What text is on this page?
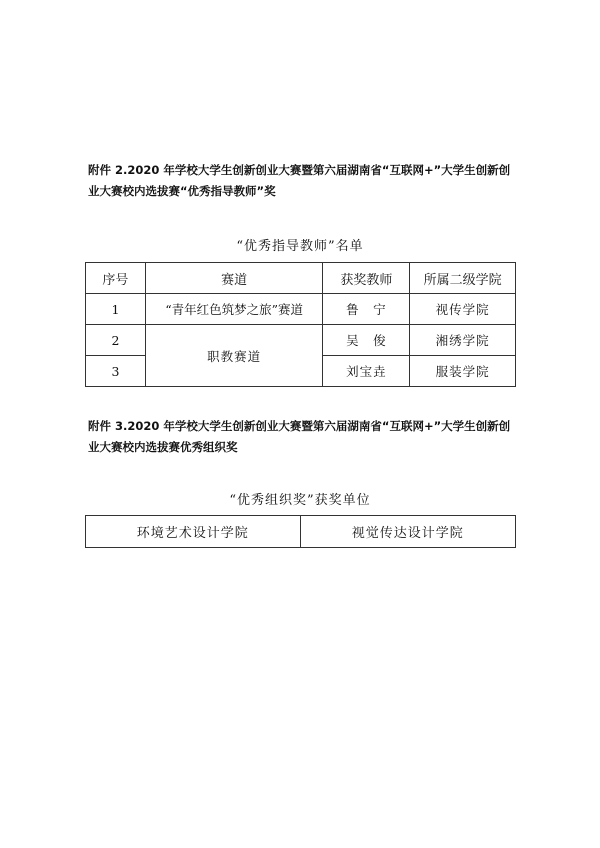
附件 2.2020 年学校大学生创新创业大赛暨第六届湖南省“互联网+”大学生创新创业大赛校内选拔赛“优秀指导教师”奖
“优秀指导教师”名单
序号	赛道	获奖教师	所属二级学院
1	“青年红色筑梦之旅”赛道	鲁　宁	视传学院
2	职教赛道	吴　俊	湘绣学院
3		刘宝垚	服装学院
附件 3.2020 年学校大学生创新创业大赛暨第六届湖南省“互联网+”大学生创新创业大赛校内选拔赛优秀组织奖
“优秀组织奖”获奖单位
环境艺术设计学院	视觉传达设计学院
